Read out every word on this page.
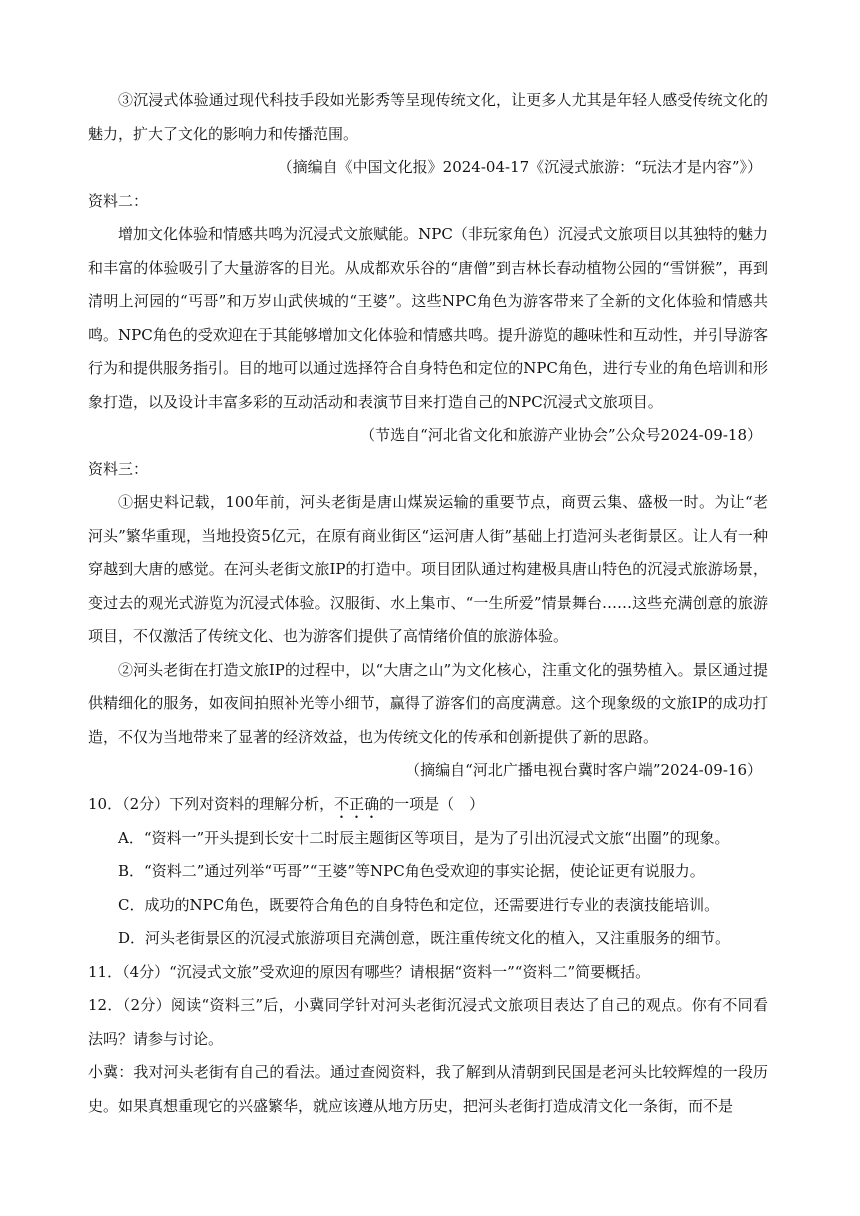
③沉浸式体验通过现代科技手段如光影秀等呈现传统文化，让更多人尤其是年轻人感受传统文化的魅力，扩大了文化的影响力和传播范围。

（摘编自《中国文化报》2024-04-17《沉浸式旅游：“玩法才是内容”》）

资料二：

增加文化体验和情感共鸣为沉浸式文旅赋能。NPC（非玩家角色）沉浸式文旅项目以其独特的魅力和丰富的体验吸引了大量游客的目光。从成都欢乐谷的“唐僧”到吉林长春动植物公园的“雪饼猴”，再到清明上河园的“丐哥”和万岁山武侠城的“王婆”。这些NPC角色为游客带来了全新的文化体验和情感共鸣。NPC角色的受欢迎在于其能够增加文化体验和情感共鸣。提升游览的趣味性和互动性，并引导游客行为和提供服务指引。目的地可以通过选择符合自身特色和定位的NPC角色，进行专业的角色培训和形象打造，以及设计丰富多彩的互动活动和表演节目来打造自己的NPC沉浸式文旅项目。

（节选自“河北省文化和旅游产业协会”公众号2024-09-18）

资料三：

①据史料记载，100年前，河头老街是唐山煤炭运输的重要节点，商贾云集、盛极一时。为让“老河头”繁华重现，当地投资5亿元，在原有商业街区“运河唐人街”基础上打造河头老街景区。让人有一种穿越到大唐的感觉。在河头老街文旅IP的打造中。项目团队通过构建极具唐山特色的沉浸式旅游场景，变过去的观光式游览为沉浸式体验。汉服街、水上集市、“一生所爱”情景舞台……这些充满创意的旅游项目，不仅激活了传统文化、也为游客们提供了高情绪价值的旅游体验。

②河头老街在打造文旅IP的过程中，以“大唐之山”为文化核心，注重文化的强势植入。景区通过提供精细化的服务，如夜间拍照补光等小细节，赢得了游客们的高度满意。这个现象级的文旅IP的成功打造，不仅为当地带来了显著的经济效益，也为传统文化的传承和创新提供了新的思路。

（摘编自“河北广播电视台冀时客户端”2024-09-16）

10．（2分）下列对资料的理解分析，不正确的一项是（　）

A．“资料一”开头提到长安十二时辰主题街区等项目，是为了引出沉浸式文旅“出圈”的现象。

B．“资料二”通过列举“丐哥”“王婆”等NPC角色受欢迎的事实论据，使论证更有说服力。

C．成功的NPC角色，既要符合角色的自身特色和定位，还需要进行专业的表演技能培训。

D．河头老街景区的沉浸式旅游项目充满创意，既注重传统文化的植入，又注重服务的细节。

11．（4分）“沉浸式文旅”受欢迎的原因有哪些？请根据“资料一”“资料二”简要概括。

12．（2分）阅读“资料三”后，小冀同学针对河头老街沉浸式文旅项目表达了自己的观点。你有不同看法吗？请参与讨论。

小冀：我对河头老街有自己的看法。通过查阅资料，我了解到从清朝到民国是老河头比较辉煌的一段历史。如果真想重现它的兴盛繁华，就应该遵从地方历史，把河头老街打造成清文化一条街，而不是
